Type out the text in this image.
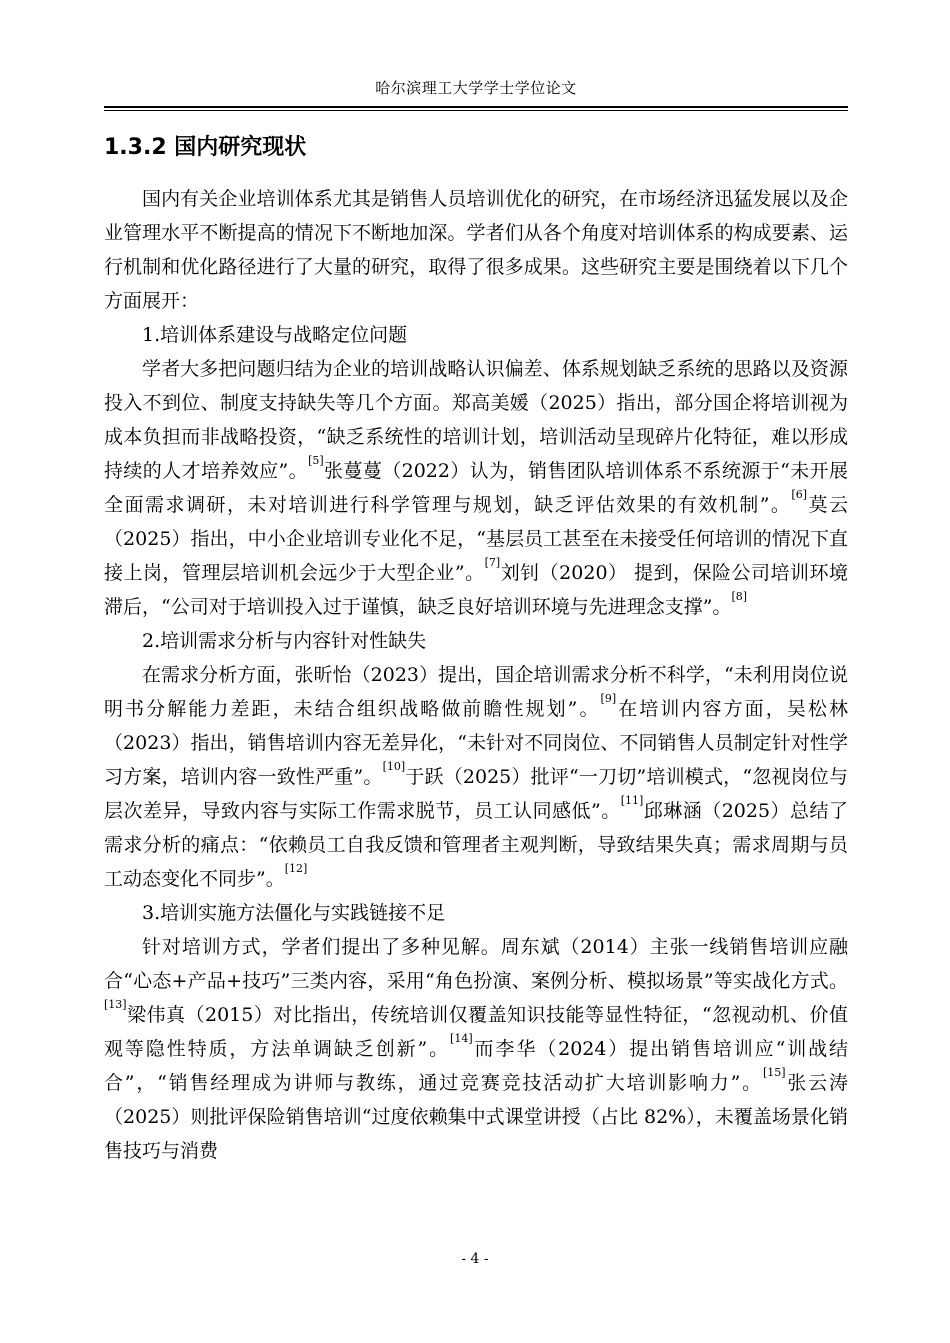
哈尔滨理工大学学士学位论文
1.3.2 国内研究现状

国内有关企业培训体系尤其是销售人员培训优化的研究，在市场经济迅猛发展以及企业管理水平不断提高的情况下不断地加深。学者们从各个角度对培训体系的构成要素、运行机制和优化路径进行了大量的研究，取得了很多成果。这些研究主要是围绕着以下几个方面展开：

1.培训体系建设与战略定位问题

学者大多把问题归结为企业的培训战略认识偏差、体系规划缺乏系统的思路以及资源投入不到位、制度支持缺失等几个方面。郑高美媛（2025）指出，部分国企将培训视为成本负担而非战略投资，“缺乏系统性的培训计划，培训活动呈现碎片化特征，难以形成持续的人才培养效应”。[5]张蔓蔓（2022）认为，销售团队培训体系不系统源于“未开展全面需求调研，未对培训进行科学管理与规划，缺乏评估效果的有效机制”。[6]莫云（2025）指出，中小企业培训专业化不足，“基层员工甚至在未接受任何培训的情况下直接上岗，管理层培训机会远少于大型企业”。[7]刘钊（2020） 提到，保险公司培训环境滞后，“公司对于培训投入过于谨慎，缺乏良好培训环境与先进理念支撑”。[8]

2.培训需求分析与内容针对性缺失

在需求分析方面，张昕怡（2023）提出，国企培训需求分析不科学，“未利用岗位说明书分解能力差距，未结合组织战略做前瞻性规划”。[9]在培训内容方面，吴松林（2023）指出，销售培训内容无差异化，“未针对不同岗位、不同销售人员制定针对性学习方案，培训内容一致性严重”。[10]于跃（2025）批评“一刀切”培训模式，“忽视岗位与层次差异，导致内容与实际工作需求脱节，员工认同感低”。[11]邱琳涵（2025）总结了需求分析的痛点：“依赖员工自我反馈和管理者主观判断，导致结果失真；需求周期与员工动态变化不同步”。[12]

3.培训实施方法僵化与实践链接不足

针对培训方式，学者们提出了多种见解。周东斌（2014）主张一线销售培训应融合“心态+产品+技巧”三类内容，采用“角色扮演、案例分析、模拟场景”等实战化方式。[13]梁伟真（2015）对比指出，传统培训仅覆盖知识技能等显性特征，“忽视动机、价值观等隐性特质，方法单调缺乏创新”。[14]而李华（2024）提出销售培训应“训战结合”，“销售经理成为讲师与教练，通过竞赛竞技活动扩大培训影响力”。[15]张云涛（2025）则批评保险销售培训“过度依赖集中式课堂讲授（占比 82%），未覆盖场景化销售技巧与消费

- 4 -
